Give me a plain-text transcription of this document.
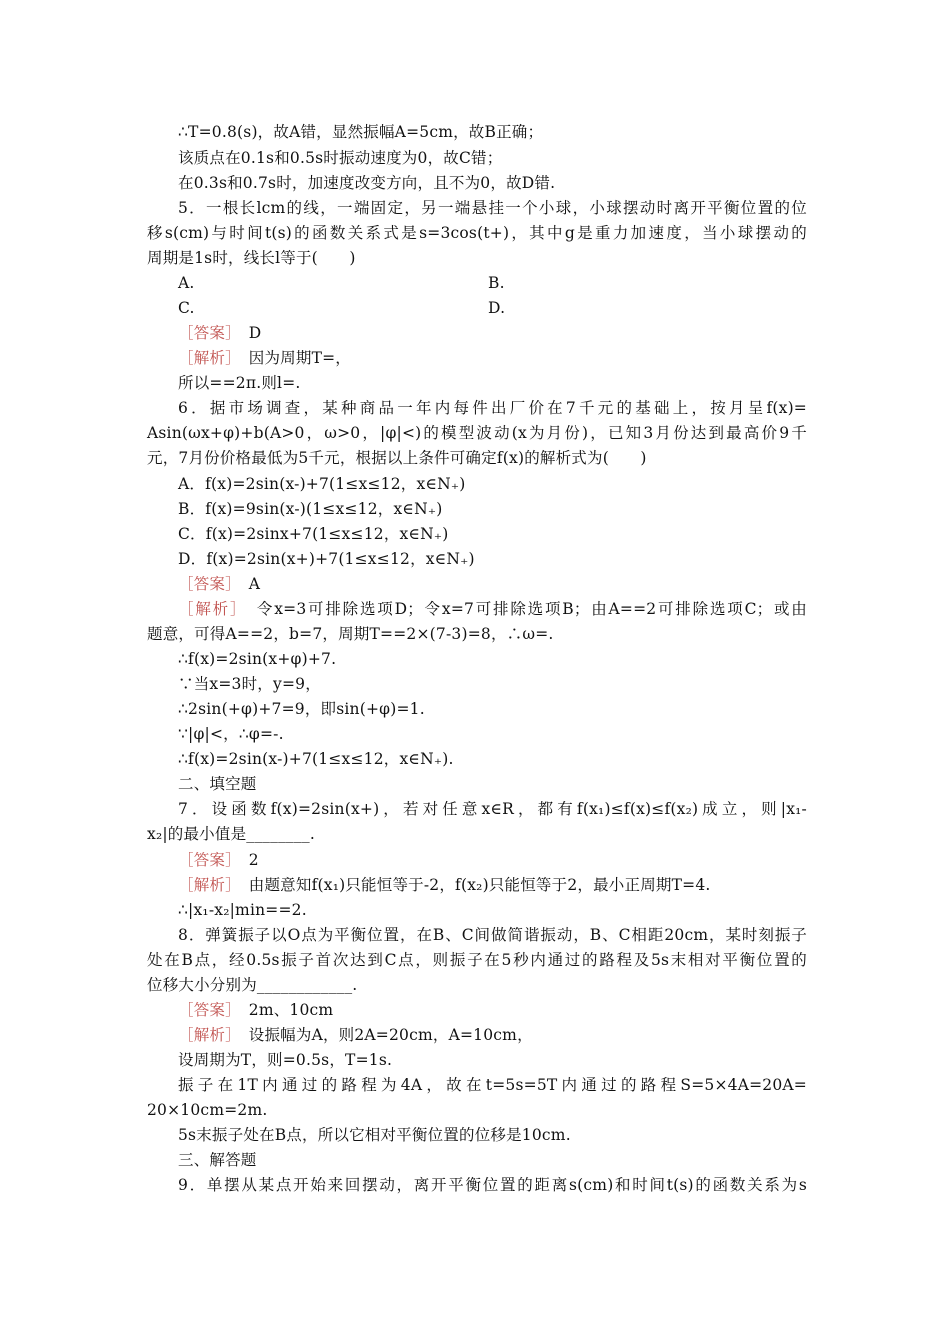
∴T=0.8(s)，故A错，显然振幅A=5cm，故B正确；
该质点在0.1s和0.5s时振动速度为0，故C错；
在0.3s和0.7s时，加速度改变方向，且不为0，故D错.
5．一根长lcm的线，一端固定，另一端悬挂一个小球，小球摆动时离开平衡位置的位
移s(cm)与时间t(s)的函数关系式是s=3cos(t+)，其中g是重力加速度，当小球摆动的
周期是1s时，线长l等于(　　)
A.	B.
C.	D.
［答案］　D
［解析］　因为周期T=，
所以==2π.则l=.
6．据市场调查，某种商品一年内每件出厂价在7千元的基础上，按月呈f(x)=
Asin(ωx+φ)+b(A>0，ω>0，|φ|<)的模型波动(x为月份)，已知3月份达到最高价9千
元，7月份价格最低为5千元，根据以上条件可确定f(x)的解析式为(　　)
A．f(x)=2sin(x-)+7(1≤x≤12，x∈N₊)
B．f(x)=9sin(x-)(1≤x≤12，x∈N₊)
C．f(x)=2sinx+7(1≤x≤12，x∈N₊)
D．f(x)=2sin(x+)+7(1≤x≤12，x∈N₊)
［答案］　A
［解析］　令x=3可排除选项D；令x=7可排除选项B；由A==2可排除选项C；或由
题意，可得A==2，b=7，周期T==2×(7-3)=8，∴ω=.
∴f(x)=2sin(x+φ)+7.
∵当x=3时，y=9，
∴2sin(+φ)+7=9，即sin(+φ)=1.
∵|φ|<，∴φ=-.
∴f(x)=2sin(x-)+7(1≤x≤12，x∈N₊).
二、填空题
7．设函数f(x)=2sin(x+)，若对任意x∈R，都有f(x₁)≤f(x)≤f(x₂)成立，则|x₁-
x₂|的最小值是________.
［答案］　2
［解析］　由题意知f(x₁)只能恒等于-2，f(x₂)只能恒等于2，最小正周期T=4.
∴|x₁-x₂|min==2.
8．弹簧振子以O点为平衡位置，在B、C间做简谐振动，B、C相距20cm，某时刻振子
处在B点，经0.5s振子首次达到C点，则振子在5秒内通过的路程及5s末相对平衡位置的
位移大小分别为____________.
［答案］　2m、10cm
［解析］　设振幅为A，则2A=20cm，A=10cm，
设周期为T，则=0.5s，T=1s.
振子在1T内通过的路程为4A，故在t=5s=5T内通过的路程S=5×4A=20A=
20×10cm=2m.
5s末振子处在B点，所以它相对平衡位置的位移是10cm.
三、解答题
9．单摆从某点开始来回摆动，离开平衡位置的距离s(cm)和时间t(s)的函数关系为s
